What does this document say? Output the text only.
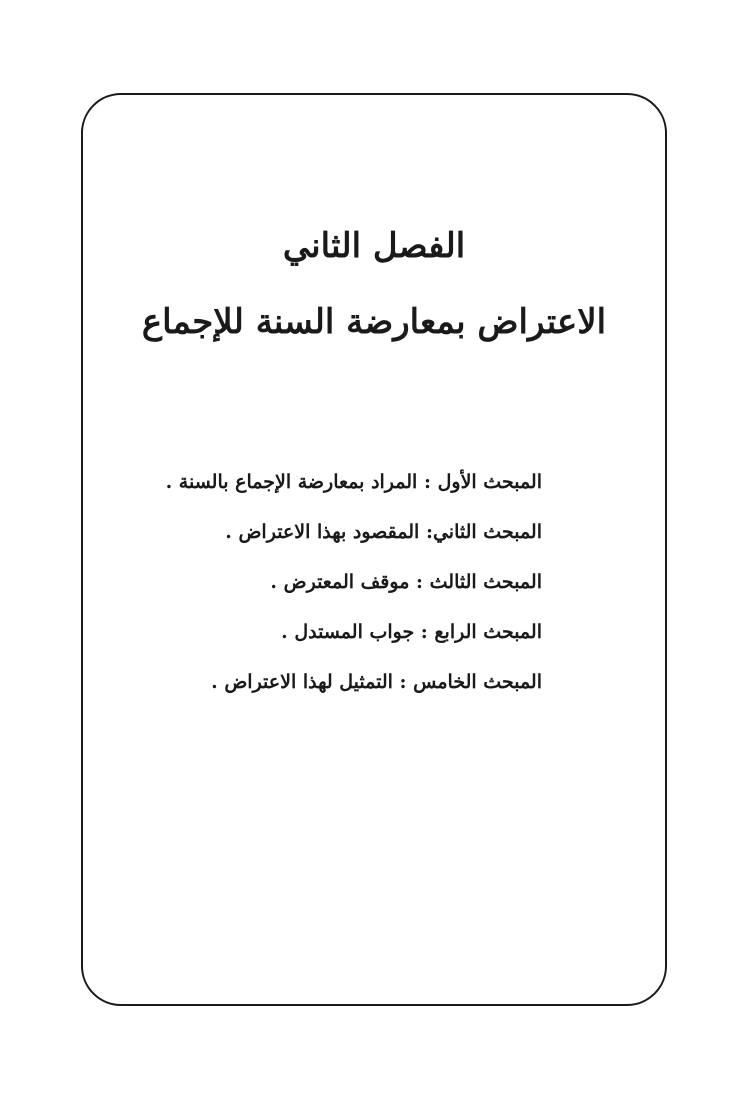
الفصل الثاني
الاعتراض بمعارضة السنة للإجماع
المبحث الأول : المراد بمعارضة الإجماع بالسنة .
المبحث الثاني: المقصود بهذا الاعتراض .
المبحث الثالث : موقف المعترض .
المبحث الرابع : جواب المستدل .
المبحث الخامس : التمثيل لهذا الاعتراض .
